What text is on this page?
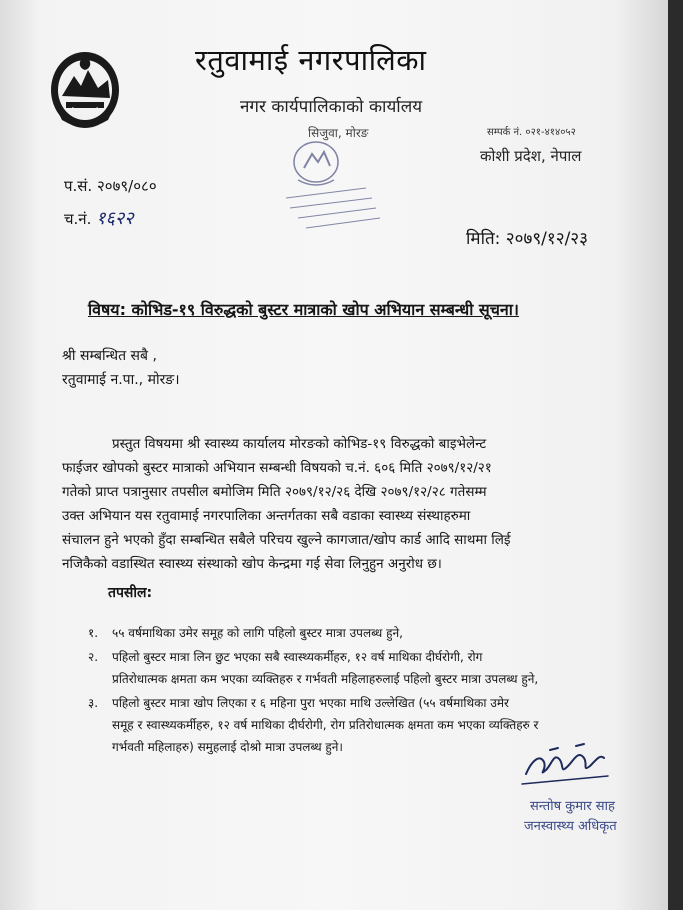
रतुवामाई नगरपालिका
नगर कार्यपालिकाको कार्यालय
सिजुवा, मोरङ	सम्पर्क नं. ०२१-४१४०५२
कोशी प्रदेश, नेपाल
प.सं. २०७९/०८०
च.नं. १६२२
मिति: २०७९/१२/२३
विषय: कोभिड-१९ विरुद्धको बुस्टर मात्राको खोप अभियान सम्बन्धी सूचना।
श्री सम्बन्धित सबै ,
रतुवामाई न.पा., मोरङ।
प्रस्तुत विषयमा श्री स्वास्थ्य कार्यालय मोरङको कोभिड-१९ विरुद्धको बाइभेलेन्ट
फाईजर खोपको बुस्टर मात्राको अभियान सम्बन्धी विषयको च.नं. ६०६ मिति २०७९/१२/२१
गतेको प्राप्त पत्रानुसार तपसील बमोजिम मिति २०७९/१२/२६ देखि २०७९/१२/२८ गतेसम्म
उक्त अभियान यस रतुवामाई नगरपालिका अन्तर्गतका सबै वडाका स्वास्थ्य संस्थाहरुमा
संचालन हुने भएको हुँदा सम्बन्धित सबैले परिचय खुल्ने कागजात/खोप कार्ड आदि साथमा लिई
नजिकैको वडास्थित स्वास्थ्य संस्थाको खोप केन्द्रमा गई सेवा लिनुहुन अनुरोध छ।
तपसील:
१. ५५ वर्षमाथिका उमेर समूह को लागि पहिलो बुस्टर मात्रा उपलब्ध हुने,
२. पहिलो बुस्टर मात्रा लिन छुट भएका सबै स्वास्थ्यकर्मीहरु, १२ वर्ष माथिका दीर्घरोगी, रोग
प्रतिरोधात्मक क्षमता कम भएका व्यक्तिहरु र गर्भवती महिलाहरुलाई पहिलो बुस्टर मात्रा उपलब्ध हुने,
३. पहिलो बुस्टर मात्रा खोप लिएका र ६ महिना पुरा भएका माथि उल्लेखित (५५ वर्षमाथिका उमेर
समूह र स्वास्थ्यकर्मीहरु, १२ वर्ष माथिका दीर्घरोगी, रोग प्रतिरोधात्मक क्षमता कम भएका व्यक्तिहरु र
गर्भवती महिलाहरु) समुहलाई दोश्रो मात्रा उपलब्ध हुने।
सन्तोष कुमार साह
जनस्वास्थ्य अधिकृत
